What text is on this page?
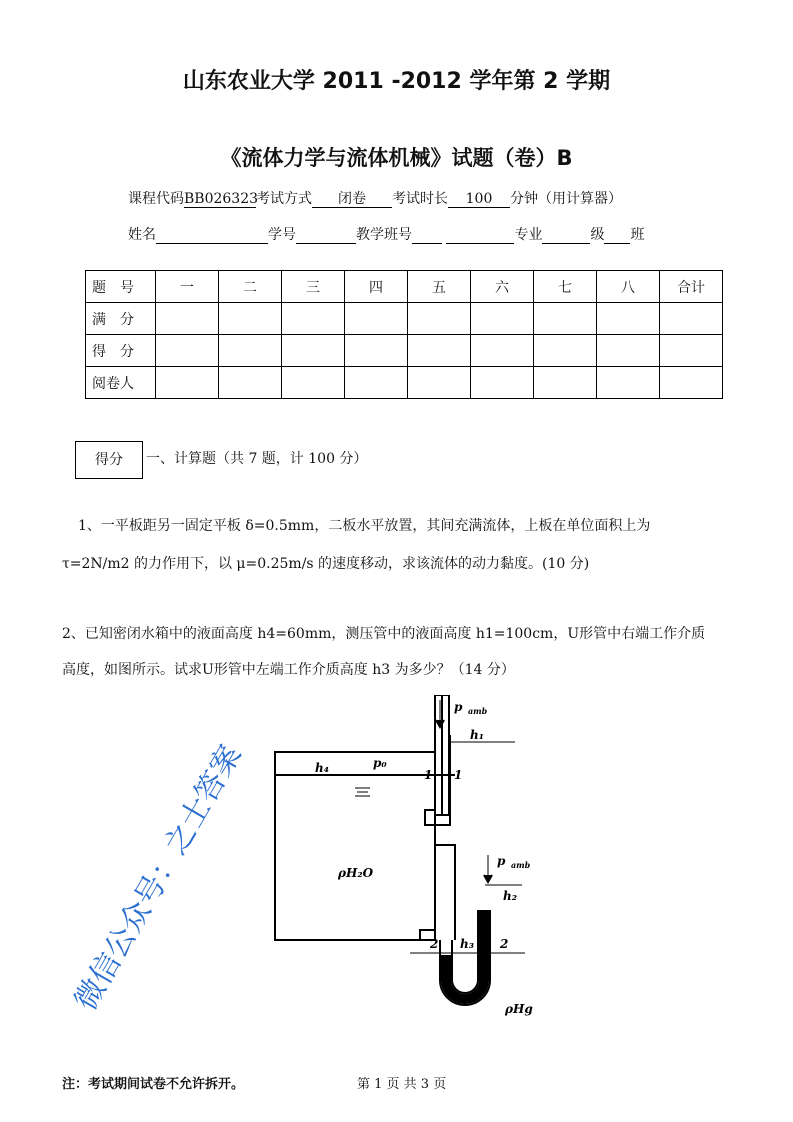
山东农业大学 2011 -2012 学年第 2 学期
《流体力学与流体机械》试题（卷）B
课程代码BB026323考试方式 闭卷 考试时长 100 分钟（用计算器）
姓名	学号	教学班号	专业	级 班
题　号	一	二	三	四	五	六	七	八	合计
满　分									
得　分									
阅卷人									
得分	一、计算题（共 7 题，计 100 分）
1、一平板距另一固定平板 δ=0.5mm，二板水平放置，其间充满流体，上板在单位面积上为
τ=2N/m2 的力作用下，以 μ=0.25m/s 的速度移动，求该流体的动力黏度。(10 分)
2、已知密闭水箱中的液面高度 h4=60mm，测压管中的液面高度 h1=100cm，U形管中右端工作介质
高度，如图所示。试求U形管中左端工作介质高度 h3 为多少？（14 分）
p amb
h₁
h₄	p₀
1 1
ρH₂O
p amb
h₂
h₃
2	2
ρHg
微信公众号：之士答案
注：考试期间试卷不允许拆开。	第 1 页 共 3 页
